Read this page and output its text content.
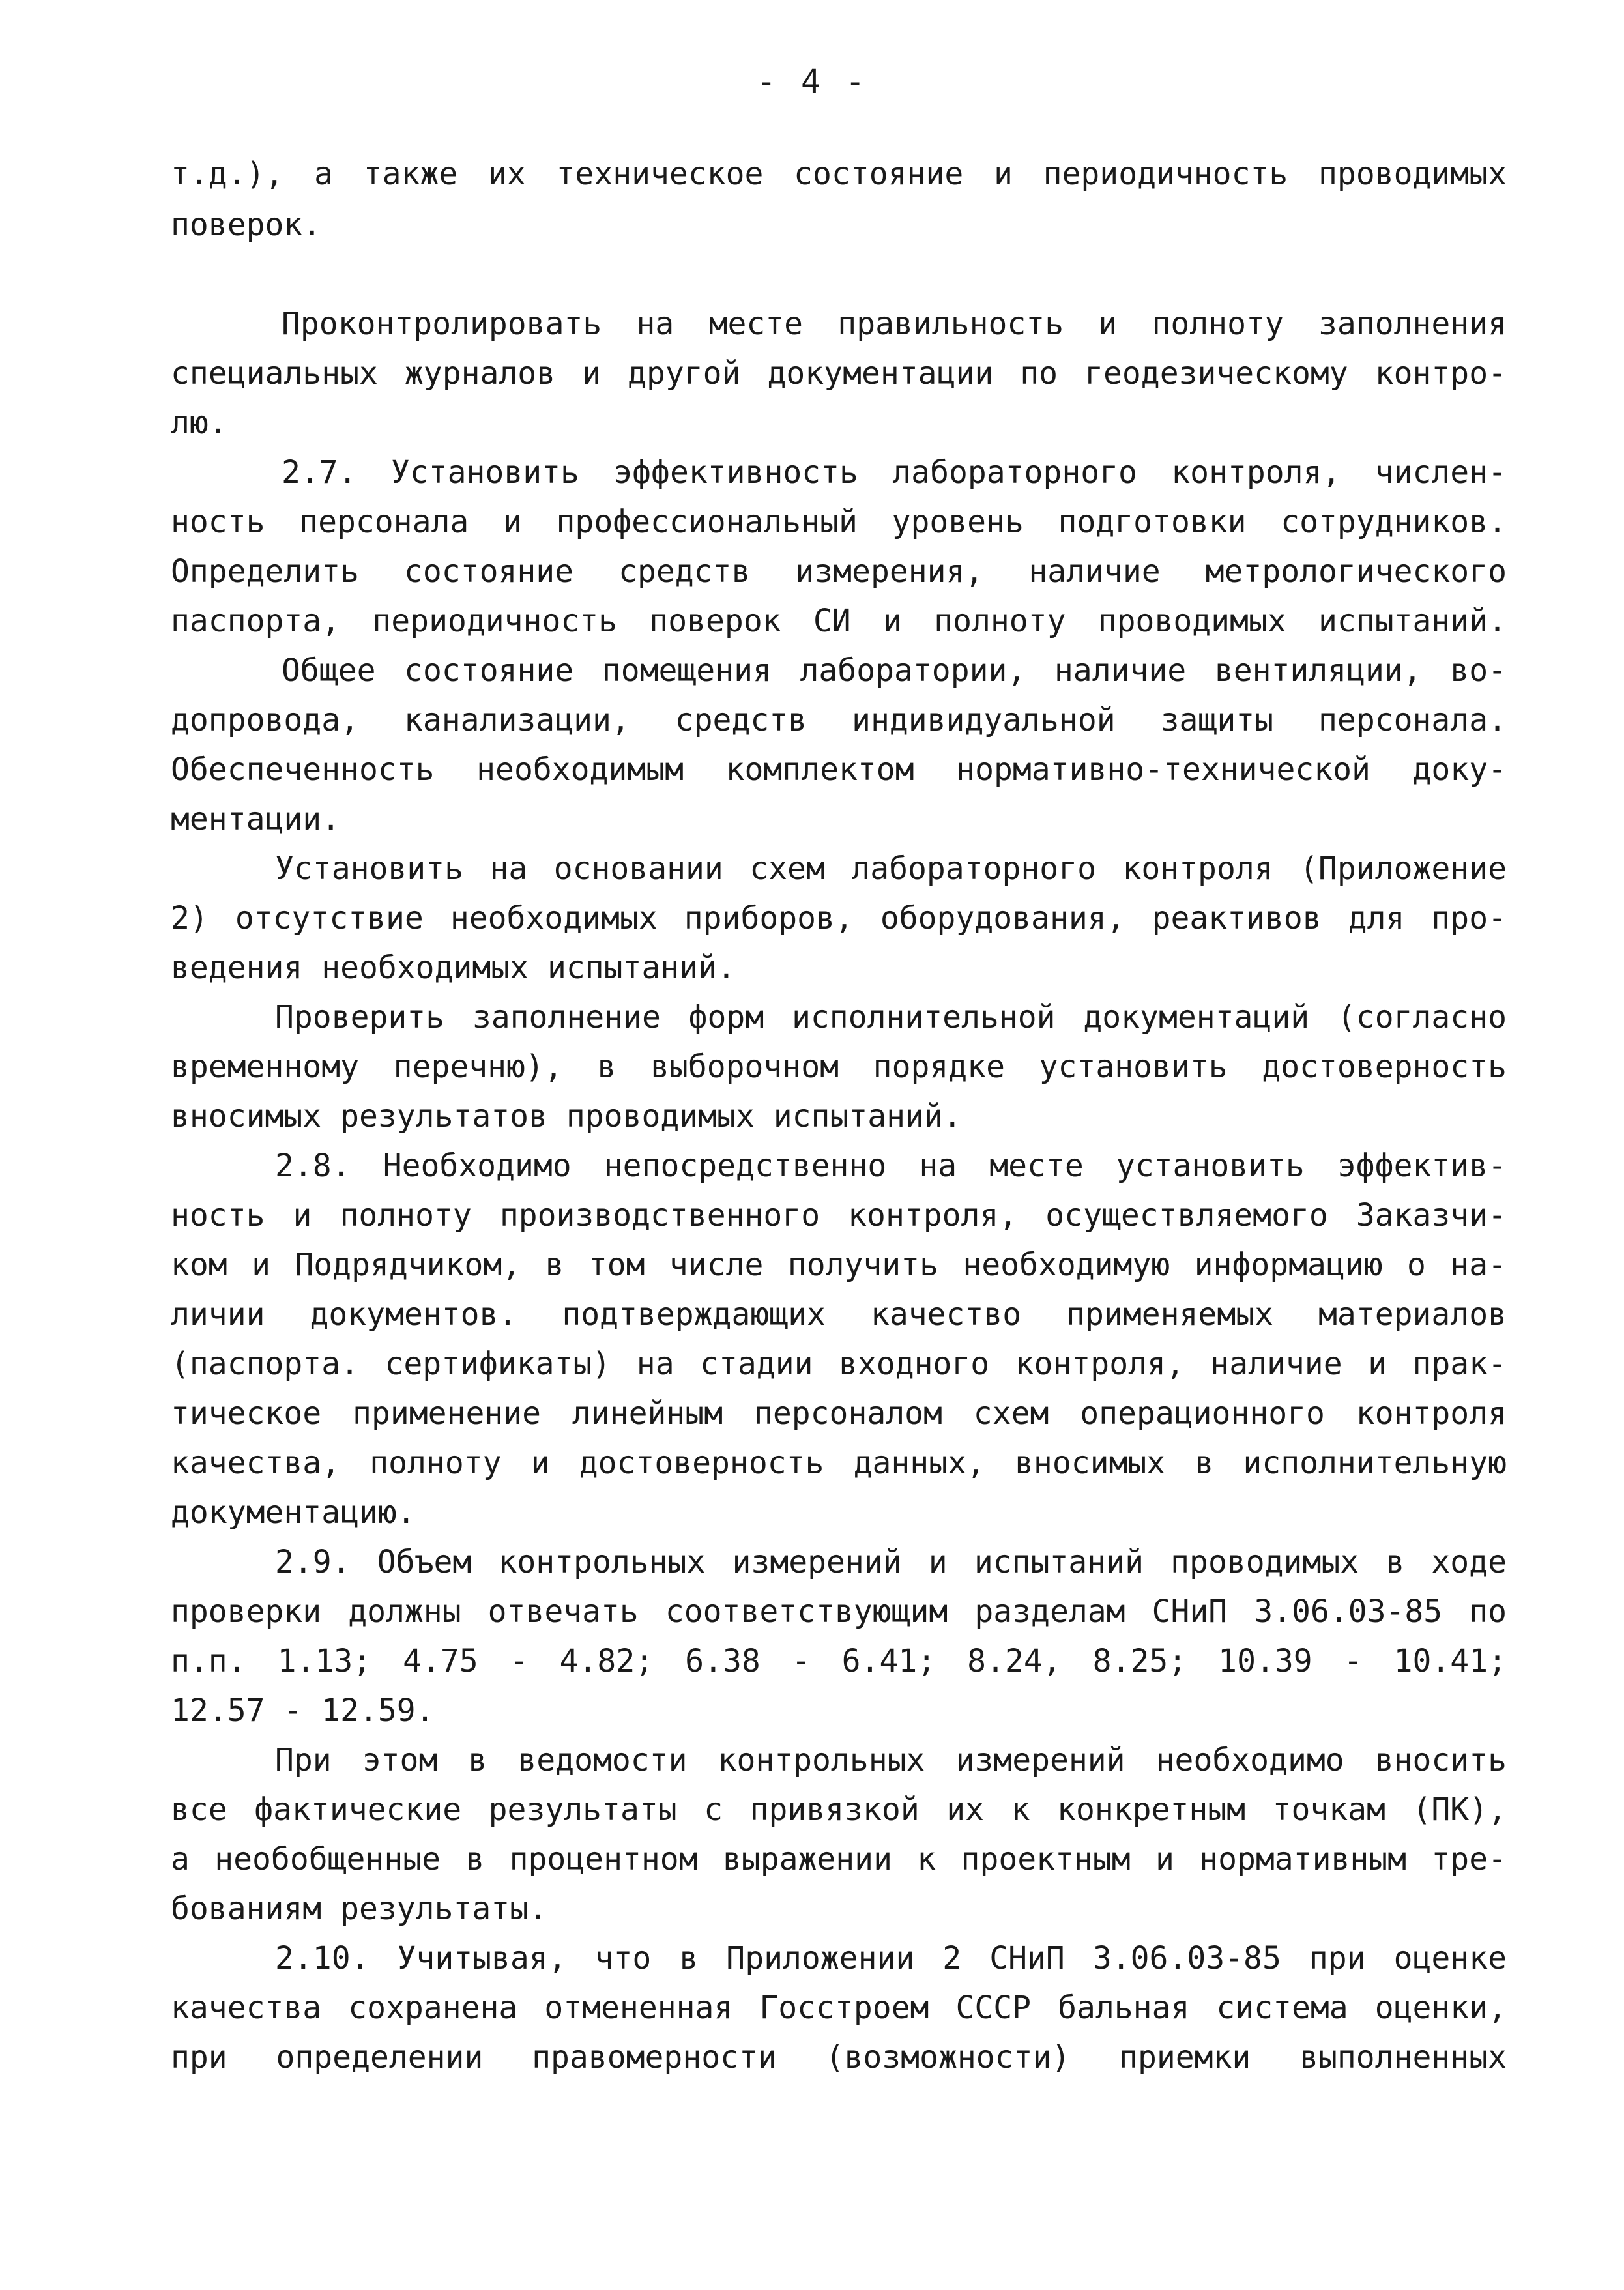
- 4 -
т.д.), а также их техническое состояние и периодичность проводимых
поверок.
Проконтролировать на месте правильность и полноту заполнения
специальных журналов и другой документации по геодезическому контро-
лю.
2.7. Установить эффективность лабораторного контроля, числен-
ность персонала и профессиональный уровень подготовки сотрудников.
Определить состояние средств измерения, наличие метрологического
паспорта, периодичность поверок СИ и полноту проводимых испытаний.
Общее состояние помещения лаборатории, наличие вентиляции, во-
допровода, канализации, средств индивидуальной защиты персонала.
Обеспеченность необходимым комплектом нормативно-технической доку-
ментации.
Установить на основании схем лабораторного контроля (Приложение
2) отсутствие необходимых приборов, оборудования, реактивов для про-
ведения необходимых испытаний.
Проверить заполнение форм исполнительной документаций (согласно
временному перечню), в выборочном порядке установить достоверность
вносимых результатов проводимых испытаний.
2.8. Необходимо непосредственно на месте установить эффектив-
ность и полноту производственного контроля, осуществляемого Заказчи-
ком и Подрядчиком, в том числе получить необходимую информацию о на-
личии документов. подтверждающих качество применяемых материалов
(паспорта. сертификаты) на стадии входного контроля, наличие и прак-
тическое применение линейным персоналом схем операционного контроля
качества, полноту и достоверность данных, вносимых в исполнительную
документацию.
2.9. Объем контрольных измерений и испытаний проводимых в ходе
проверки должны отвечать соответствующим разделам СНиП 3.06.03-85 по
п.п. 1.13; 4.75 - 4.82; 6.38 - 6.41; 8.24, 8.25; 10.39 - 10.41;
12.57 - 12.59.
При этом в ведомости контрольных измерений необходимо вносить
все фактические результаты с привязкой их к конкретным точкам (ПК),
а необобщенные в процентном выражении к проектным и нормативным тре-
бованиям результаты.
2.10. Учитывая, что в Приложении 2 СНиП 3.06.03-85 при оценке
качества сохранена отмененная Госстроем СССР бальная система оценки,
при определении правомерности (возможности) приемки выполненных
